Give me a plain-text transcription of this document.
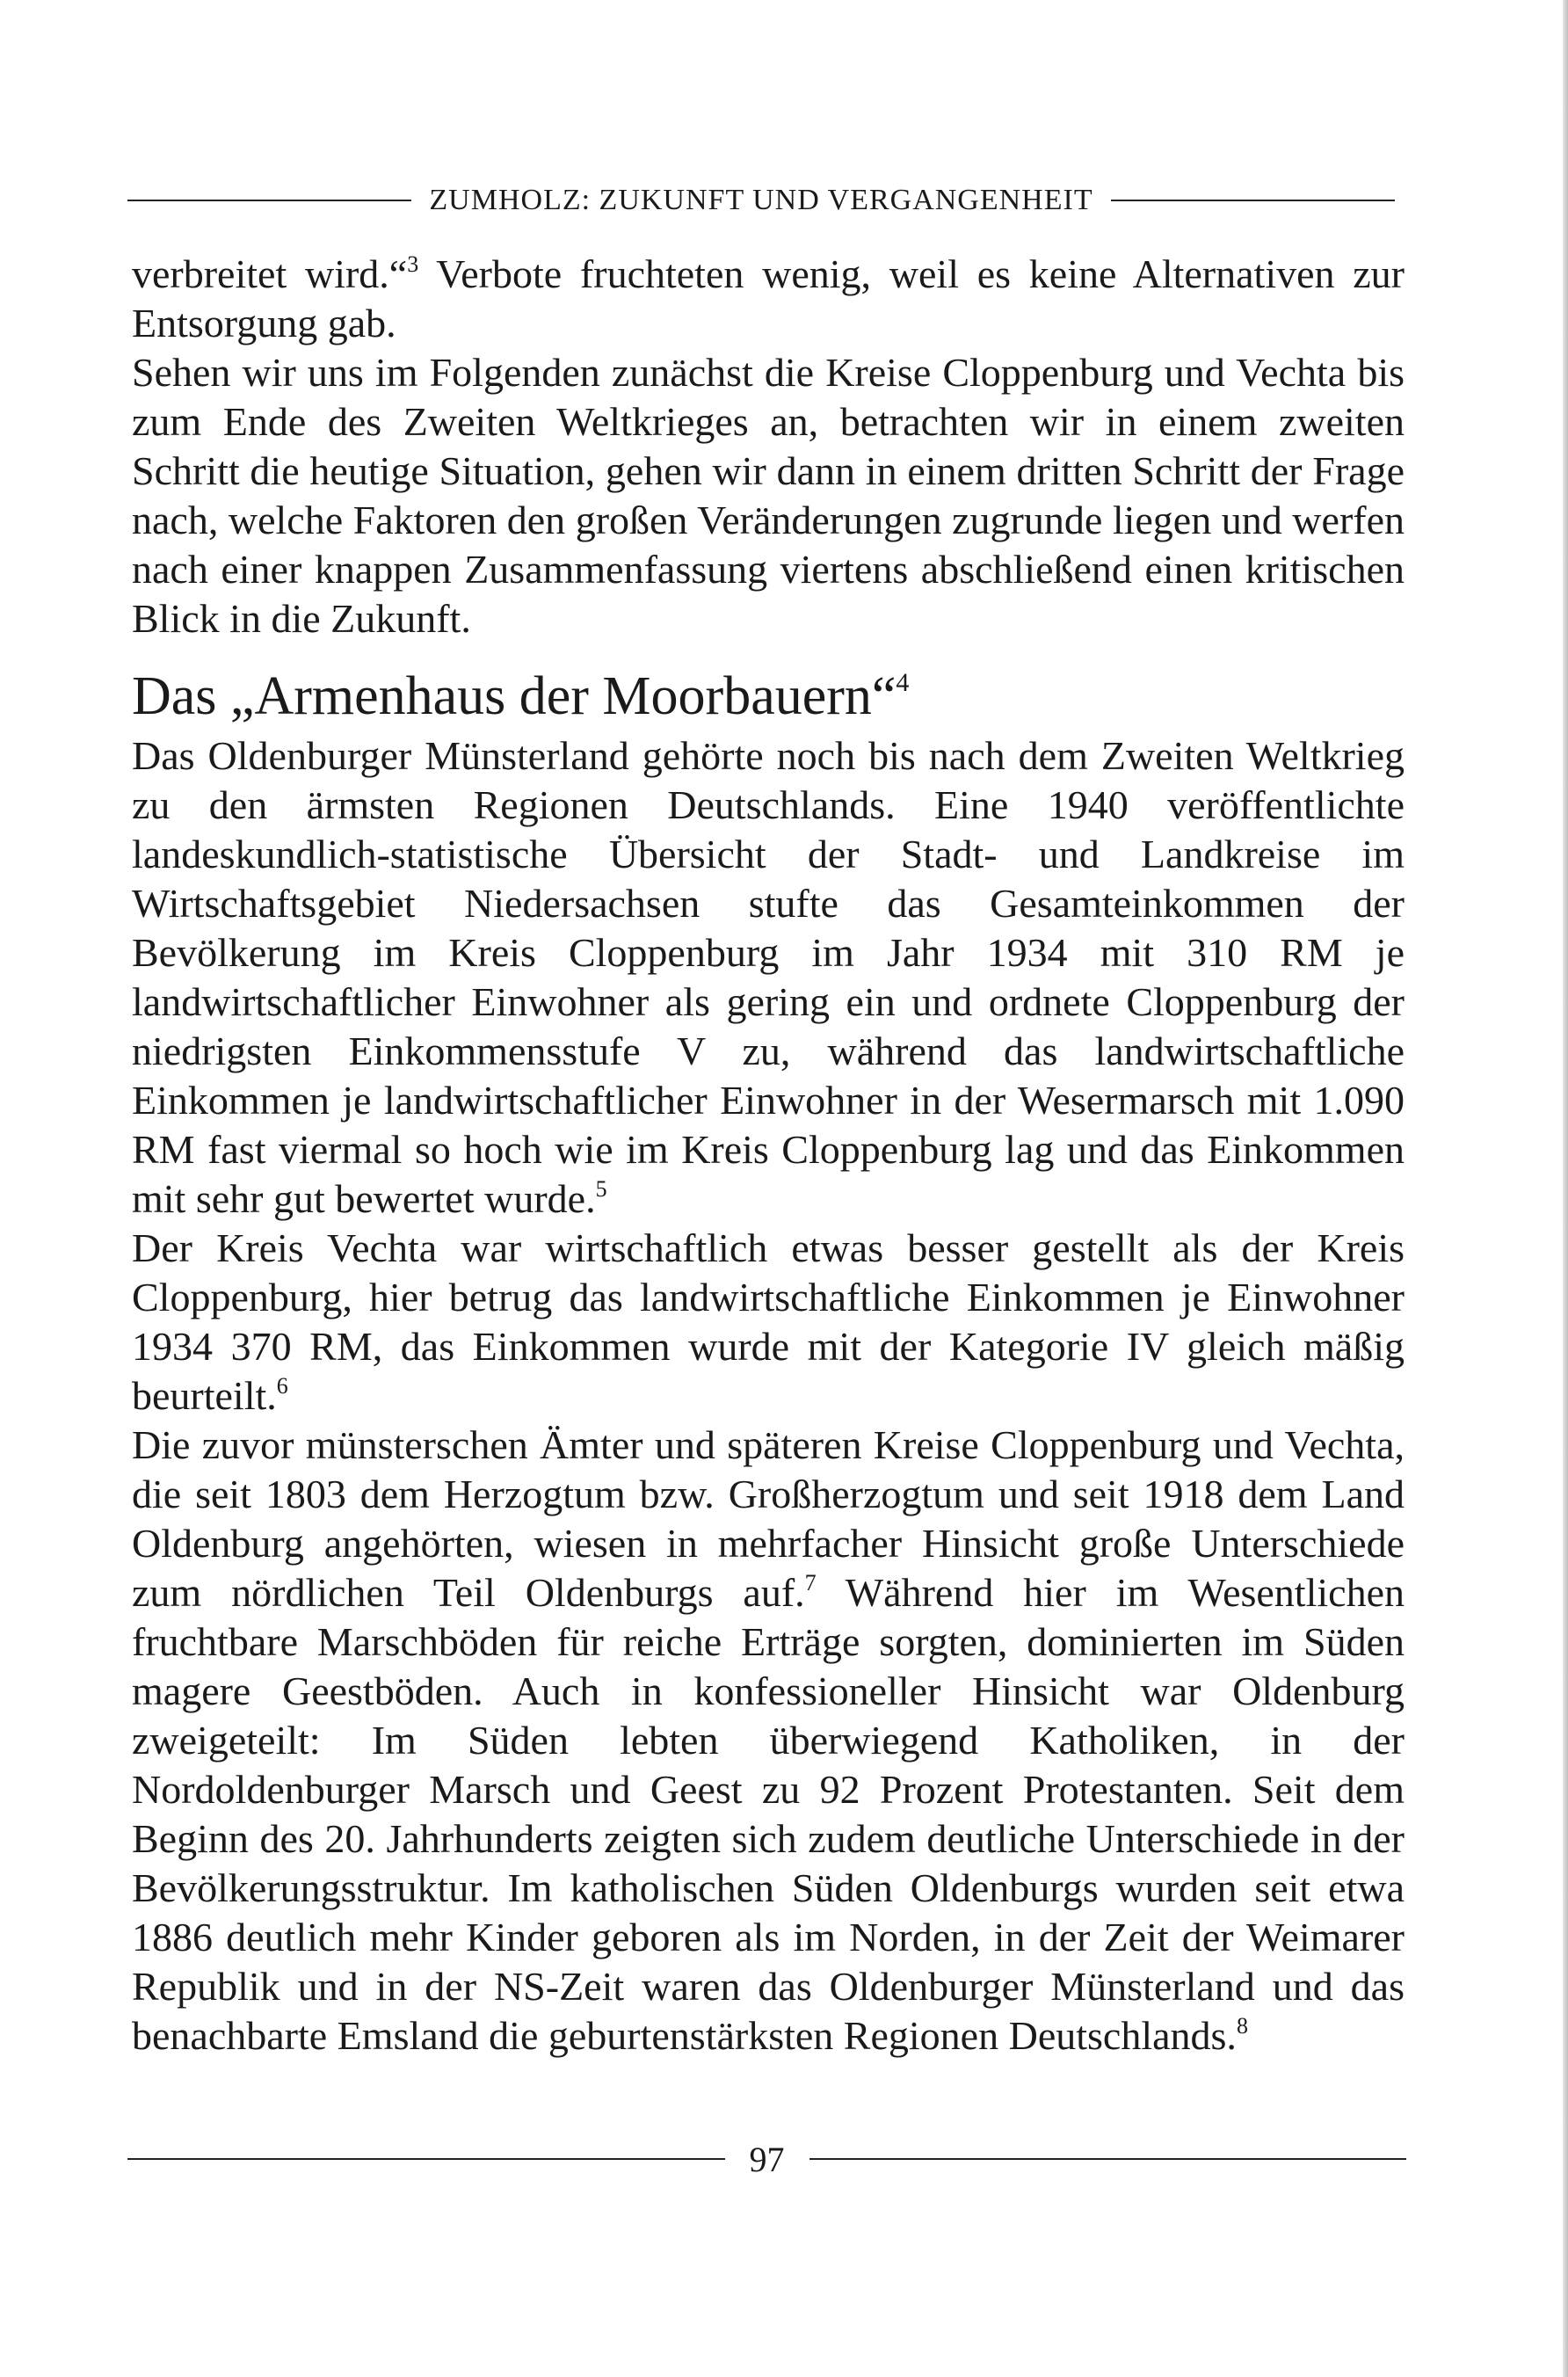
ZUMHOLZ: ZUKUNFT UND VERGANGENHEIT

verbreitet wird.“$^3$ Verbote fruchteten wenig, weil es keine Alternativen zur Entsorgung gab.

Sehen wir uns im Folgenden zunächst die Kreise Cloppenburg und Vechta bis zum Ende des Zweiten Weltkrieges an, betrachten wir in einem zweiten Schritt die heutige Situation, gehen wir dann in einem dritten Schritt der Frage nach, welche Faktoren den großen Veränderungen zugrunde liegen und werfen nach einer knappen Zusammenfassung viertens abschließend einen kritischen Blick in die Zukunft.

Das „Armenhaus der Moorbauern“$^4$

Das Oldenburger Münsterland gehörte noch bis nach dem Zweiten Weltkrieg zu den ärmsten Regionen Deutschlands. Eine 1940 veröffentlichte landeskundlich-statistische Übersicht der Stadt- und Landkreise im Wirtschaftsgebiet Niedersachsen stufte das Gesamteinkommen der Bevölkerung im Kreis Cloppenburg im Jahr 1934 mit 310 RM je landwirtschaftlicher Einwohner als gering ein und ordnete Cloppenburg der niedrigsten Einkommensstufe V zu, während das landwirtschaftliche Einkommen je landwirtschaftlicher Einwohner in der Wesermarsch mit 1.090 RM fast viermal so hoch wie im Kreis Cloppenburg lag und das Einkommen mit sehr gut bewertet wurde.$^5$

Der Kreis Vechta war wirtschaftlich etwas besser gestellt als der Kreis Cloppenburg, hier betrug das landwirtschaftliche Einkommen je Einwohner 1934 370 RM, das Einkommen wurde mit der Kategorie IV gleich mäßig beurteilt.$^6$

Die zuvor münsterschen Ämter und späteren Kreise Cloppenburg und Vechta, die seit 1803 dem Herzogtum bzw. Großherzogtum und seit 1918 dem Land Oldenburg angehörten, wiesen in mehrfacher Hinsicht große Unterschiede zum nördlichen Teil Oldenburgs auf.$^7$ Während hier im Wesentlichen fruchtbare Marschböden für reiche Erträge sorgten, dominierten im Süden magere Geestböden. Auch in konfessioneller Hinsicht war Oldenburg zweigeteilt: Im Süden lebten überwiegend Katholiken, in der Nordoldenburger Marsch und Geest zu 92 Prozent Protestanten. Seit dem Beginn des 20. Jahrhunderts zeigten sich zudem deutliche Unterschiede in der Bevölkerungsstruktur. Im katholischen Süden Oldenburgs wurden seit etwa 1886 deutlich mehr Kinder geboren als im Norden, in der Zeit der Weimarer Republik und in der NS-Zeit waren das Oldenburger Münsterland und das benachbarte Emsland die geburtenstärksten Regionen Deutschlands.$^8$

97
